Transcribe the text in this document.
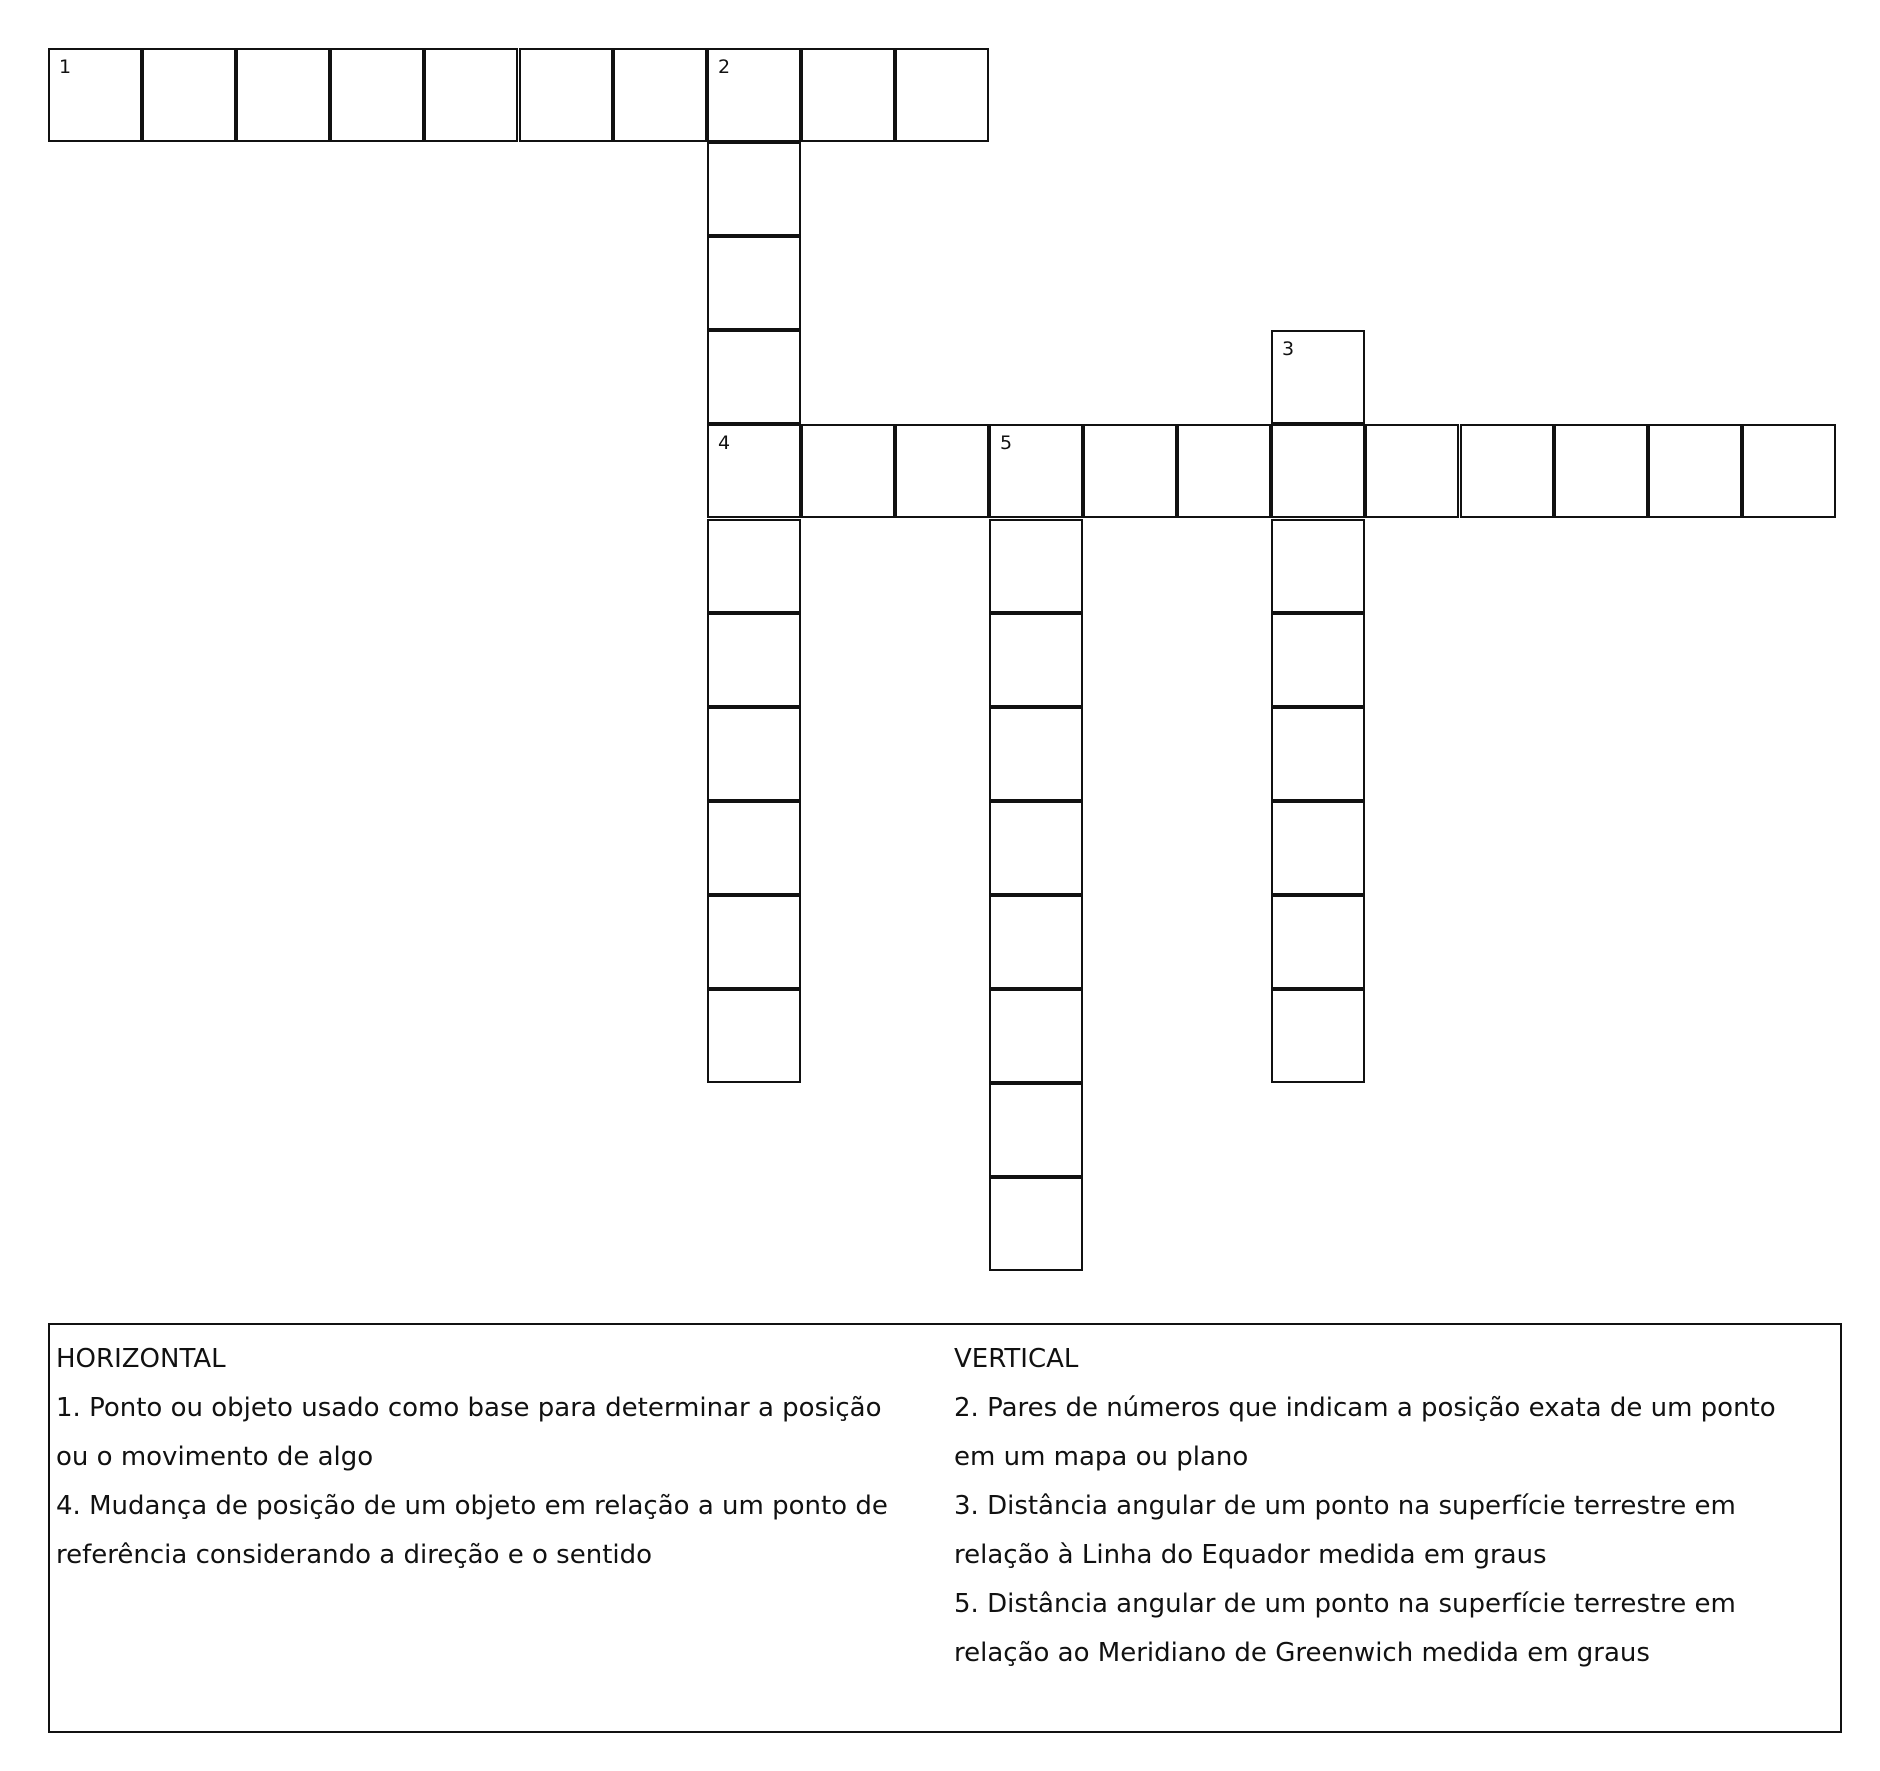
1	2
3
4	5
HORIZONTAL
1. Ponto ou objeto usado como base para determinar a posição
ou o movimento de algo
4. Mudança de posição de um objeto em relação a um ponto de
referência considerando a direção e o sentido
VERTICAL
2. Pares de números que indicam a posição exata de um ponto
em um mapa ou plano
3. Distância angular de um ponto na superfície terrestre em
relação à Linha do Equador medida em graus
5. Distância angular de um ponto na superfície terrestre em
relação ao Meridiano de Greenwich medida em graus
